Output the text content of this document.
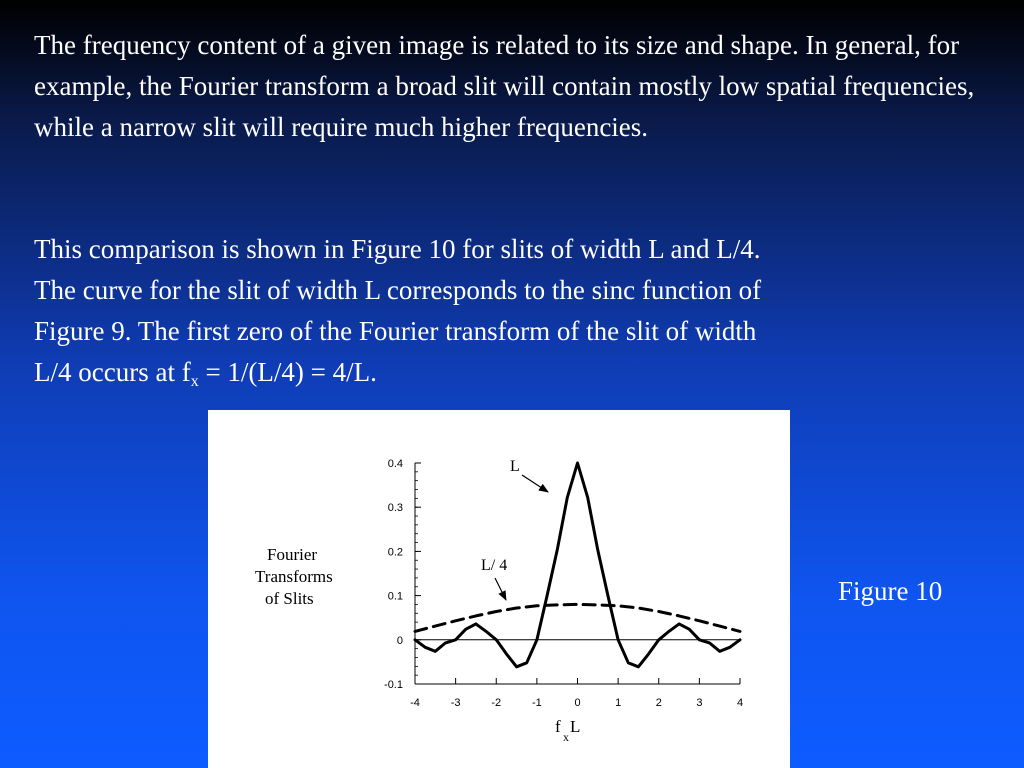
The frequency content of a given image is related to its size and shape. In general, for example, the Fourier transform a broad slit will contain mostly low spatial frequencies, while a narrow slit will require much higher frequencies.

This comparison is shown in Figure 10 for slits of width L and L/4.
The curve for the slit of width L corresponds to the sinc function of
Figure 9. The first zero of the Fourier transform of the slit of width
L/4 occurs at $f_x = 1/(L/4) = 4/L$.
Figure 10
Fourier
Transforms
of Slits
-0.1
0
0.1
0.2
0.3
0.4
-4	-3	-2	-1	0	1	2	3	4
L
L/ 4
f
x
L
